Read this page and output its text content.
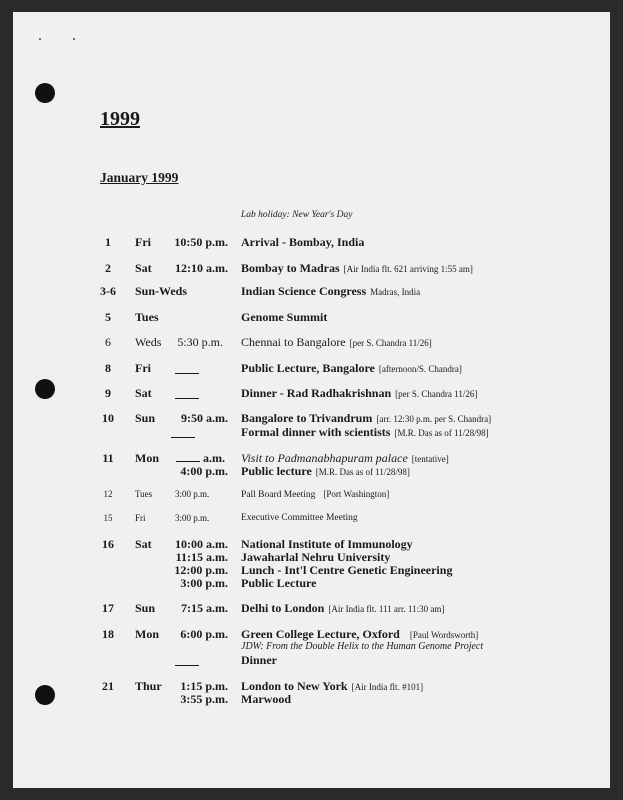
1999
January 1999
Lab holiday: New Year's Day
1	Fri	10:50 p.m. Arrival - Bombay, India
2	Sat	12:10 a.m. Bombay to Madras [Air India flt. 621 arriving 1:55 am]
3-6	Sun-Weds	Indian Science Congress Madras, India
5	Tues	Genome Summit
6	Weds	5:30 p.m. Chennai to Bangalore [per S. Chandra 11/26]
8	Fri	Public Lecture, Bangalore [afternoon/S. Chandra]
9	Sat	Dinner - Rad Radhakrishnan [per S. Chandra 11/26]
10	Sun	9:50 a.m. Bangalore to Trivandrum [arr. 12:30 p.m. per S. Chandra]
Formal dinner with scientists [M.R. Das as of 11/28/98]
11	Mon	a.m. Visit to Padmanabhapuram palace [tentative]
4:00 p.m. Public lecture [M.R. Das as of 11/28/98]
12	Tues	3:00 p.m.	Pall Board Meeting [Port Washington]
15	Fri	3:00 p.m.	Executive Committee Meeting
16	Sat	10:00 a.m. National Institute of Immunology
11:15 a.m. Jawaharlal Nehru University
12:00 p.m. Lunch - Int'l Centre Genetic Engineering
3:00 p.m. Public Lecture
17	Sun	7:15 a.m. Delhi to London [Air India flt. 111 arr. 11:30 am]
18	Mon	6:00 p.m. Green College Lecture, Oxford [Paul Wordsworth]
JDW: From the Double Helix to the Human Genome Project
Dinner
21	Thur	1:15 p.m. London to New York [Air India flt. #101]
3:55 p.m. Marwood
